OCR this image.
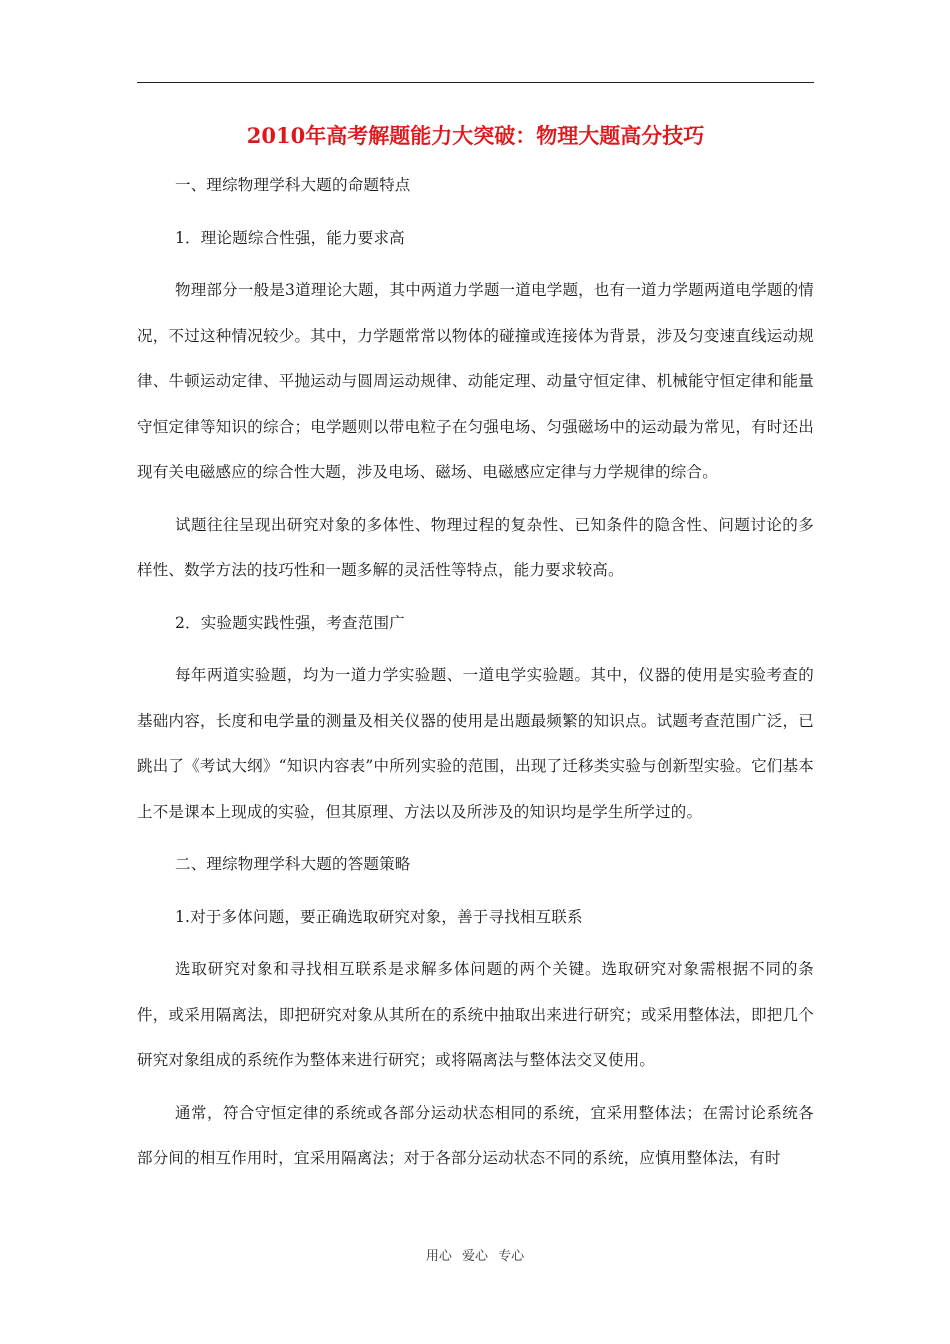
2010年高考解题能力大突破：物理大题高分技巧

一、理综物理学科大题的命题特点

1．理论题综合性强，能力要求高

物理部分一般是3道理论大题，其中两道力学题一道电学题，也有一道力学题两道电学题的情况，不过这种情况较少。其中，力学题常常以物体的碰撞或连接体为背景，涉及匀变速直线运动规律、牛顿运动定律、平抛运动与圆周运动规律、动能定理、动量守恒定律、机械能守恒定律和能量守恒定律等知识的综合；电学题则以带电粒子在匀强电场、匀强磁场中的运动最为常见，有时还出现有关电磁感应的综合性大题，涉及电场、磁场、电磁感应定律与力学规律的综合。

试题往往呈现出研究对象的多体性、物理过程的复杂性、已知条件的隐含性、问题讨论的多样性、数学方法的技巧性和一题多解的灵活性等特点，能力要求较高。

2．实验题实践性强，考查范围广

每年两道实验题，均为一道力学实验题、一道电学实验题。其中，仪器的使用是实验考查的基础内容，长度和电学量的测量及相关仪器的使用是出题最频繁的知识点。试题考查范围广泛，已跳出了《考试大纲》“知识内容表”中所列实验的范围，出现了迁移类实验与创新型实验。它们基本上不是课本上现成的实验，但其原理、方法以及所涉及的知识均是学生所学过的。

二、理综物理学科大题的答题策略

1.对于多体问题，要正确选取研究对象，善于寻找相互联系

选取研究对象和寻找相互联系是求解多体问题的两个关键。选取研究对象需根据不同的条件，或采用隔离法，即把研究对象从其所在的系统中抽取出来进行研究；或采用整体法，即把几个研究对象组成的系统作为整体来进行研究；或将隔离法与整体法交叉使用。

通常，符合守恒定律的系统或各部分运动状态相同的系统，宜采用整体法；在需讨论系统各部分间的相互作用时，宜采用隔离法；对于各部分运动状态不同的系统，应慎用整体法，有时

用心 爱心 专心
